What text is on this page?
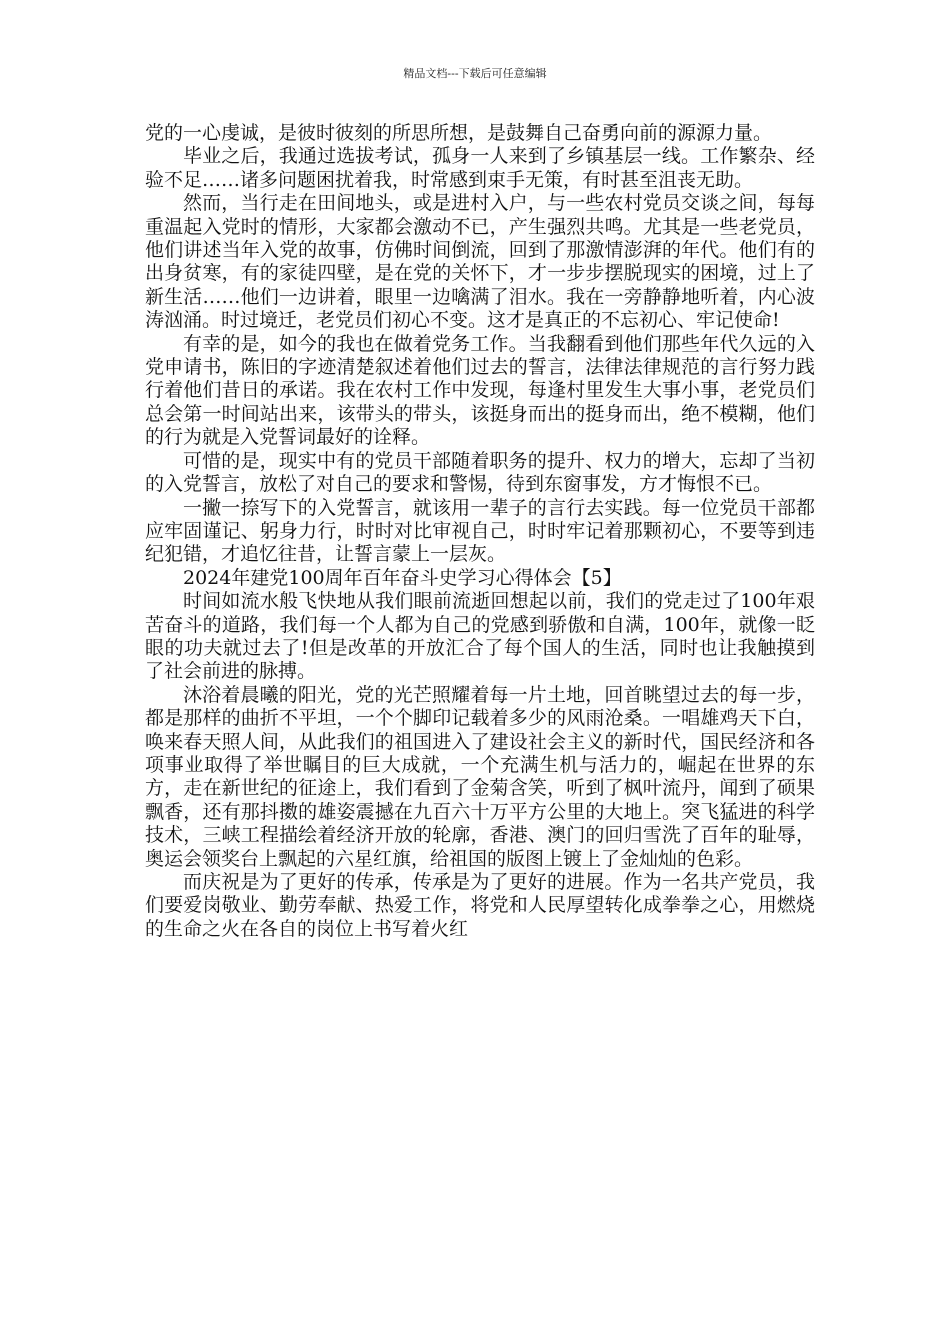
精品文档---下载后可任意编辑

党的一心虔诚，是彼时彼刻的所思所想，是鼓舞自己奋勇向前的源源力量。

毕业之后，我通过选拔考试，孤身一人来到了乡镇基层一线。工作繁杂、经验不足……诸多问题困扰着我，时常感到束手无策，有时甚至沮丧无助。

然而，当行走在田间地头，或是进村入户，与一些农村党员交谈之间，每每重温起入党时的情形，大家都会激动不已，产生强烈共鸣。尤其是一些老党员，他们讲述当年入党的故事，仿佛时间倒流，回到了那激情澎湃的年代。他们有的出身贫寒，有的家徒四壁，是在党的关怀下，才一步步摆脱现实的困境，过上了新生活……他们一边讲着，眼里一边噙满了泪水。我在一旁静静地听着，内心波涛汹涌。时过境迁，老党员们初心不变。这才是真正的不忘初心、牢记使命!

有幸的是，如今的我也在做着党务工作。当我翻看到他们那些年代久远的入党申请书，陈旧的字迹清楚叙述着他们过去的誓言，法律法律规范的言行努力践行着他们昔日的承诺。我在农村工作中发现，每逢村里发生大事小事，老党员们总会第一时间站出来，该带头的带头，该挺身而出的挺身而出，绝不模糊，他们的行为就是入党誓词最好的诠释。

可惜的是，现实中有的党员干部随着职务的提升、权力的增大，忘却了当初的入党誓言，放松了对自己的要求和警惕，待到东窗事发，方才悔恨不已。

一撇一捺写下的入党誓言，就该用一辈子的言行去实践。每一位党员干部都应牢固谨记、躬身力行，时时对比审视自己，时时牢记着那颗初心，不要等到违纪犯错，才追忆往昔，让誓言蒙上一层灰。

2024年建党100周年百年奋斗史学习心得体会【5】

时间如流水般飞快地从我们眼前流逝回想起以前，我们的党走过了100年艰苦奋斗的道路，我们每一个人都为自己的党感到骄傲和自满，100年，就像一眨眼的功夫就过去了!但是改革的开放汇合了每个国人的生活，同时也让我触摸到了社会前进的脉搏。

沐浴着晨曦的阳光，党的光芒照耀着每一片土地，回首眺望过去的每一步，都是那样的曲折不平坦，一个个脚印记载着多少的风雨沧桑。一唱雄鸡天下白，唤来春天照人间，从此我们的祖国进入了建设社会主义的新时代，国民经济和各项事业取得了举世瞩目的巨大成就，一个充满生机与活力的，崛起在世界的东方，走在新世纪的征途上，我们看到了金菊含笑，听到了枫叶流丹，闻到了硕果飘香，还有那抖擞的雄姿震撼在九百六十万平方公里的大地上。突飞猛进的科学技术，三峡工程描绘着经济开放的轮廓，香港、澳门的回归雪洗了百年的耻辱，奥运会领奖台上飘起的六星红旗，给祖国的版图上镀上了金灿灿的色彩。

而庆祝是为了更好的传承，传承是为了更好的进展。作为一名共产党员，我们要爱岗敬业、勤劳奉献、热爱工作，将党和人民厚望转化成拳拳之心，用燃烧的生命之火在各自的岗位上书写着火红
